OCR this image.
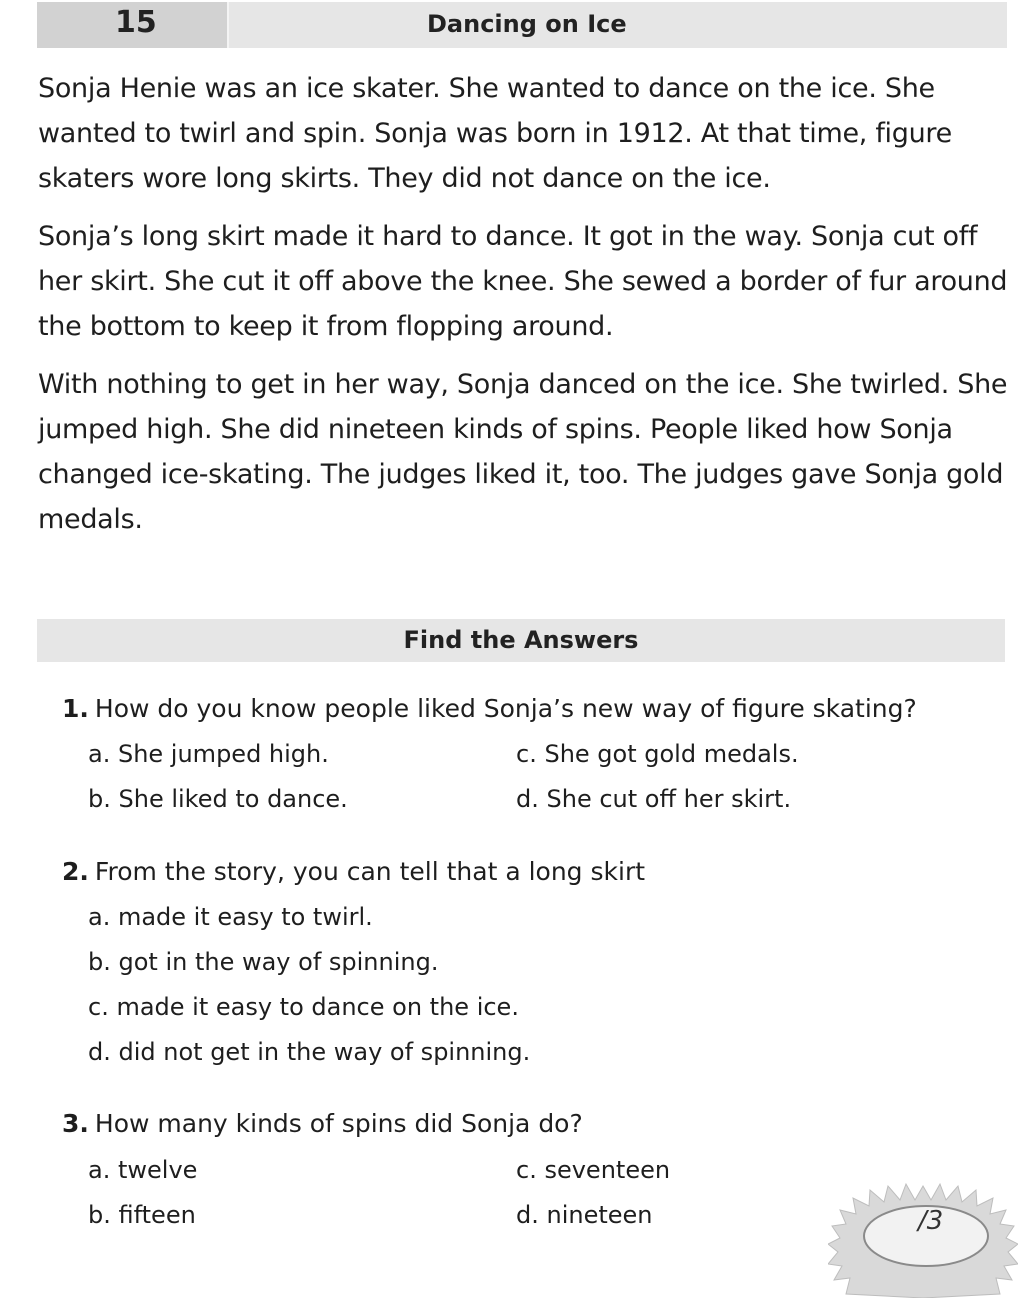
15	Dancing on Ice

Sonja Henie was an ice skater. She wanted to dance on the ice. She wanted to twirl and spin. Sonja was born in 1912. At that time, figure skaters wore long skirts. They did not dance on the ice.

Sonja’s long skirt made it hard to dance. It got in the way. Sonja cut off her skirt. She cut it off above the knee. She sewed a border of fur around the bottom to keep it from flopping around.

With nothing to get in her way, Sonja danced on the ice. She twirled. She jumped high. She did nineteen kinds of spins. People liked how Sonja changed ice-skating. The judges liked it, too. The judges gave Sonja gold medals.

Find the Answers
1. How do you know people liked Sonja’s new way of figure skating?
a. She jumped high.
b. She liked to dance.
c. She got gold medals.
d. She cut off her skirt.
2. From the story, you can tell that a long skirt
a. made it easy to twirl.
b. got in the way of spinning.
c. made it easy to dance on the ice.
d. did not get in the way of spinning.
3. How many kinds of spins did Sonja do?
a. twelve
b. fifteen
c. seventeen
d. nineteen	/3
